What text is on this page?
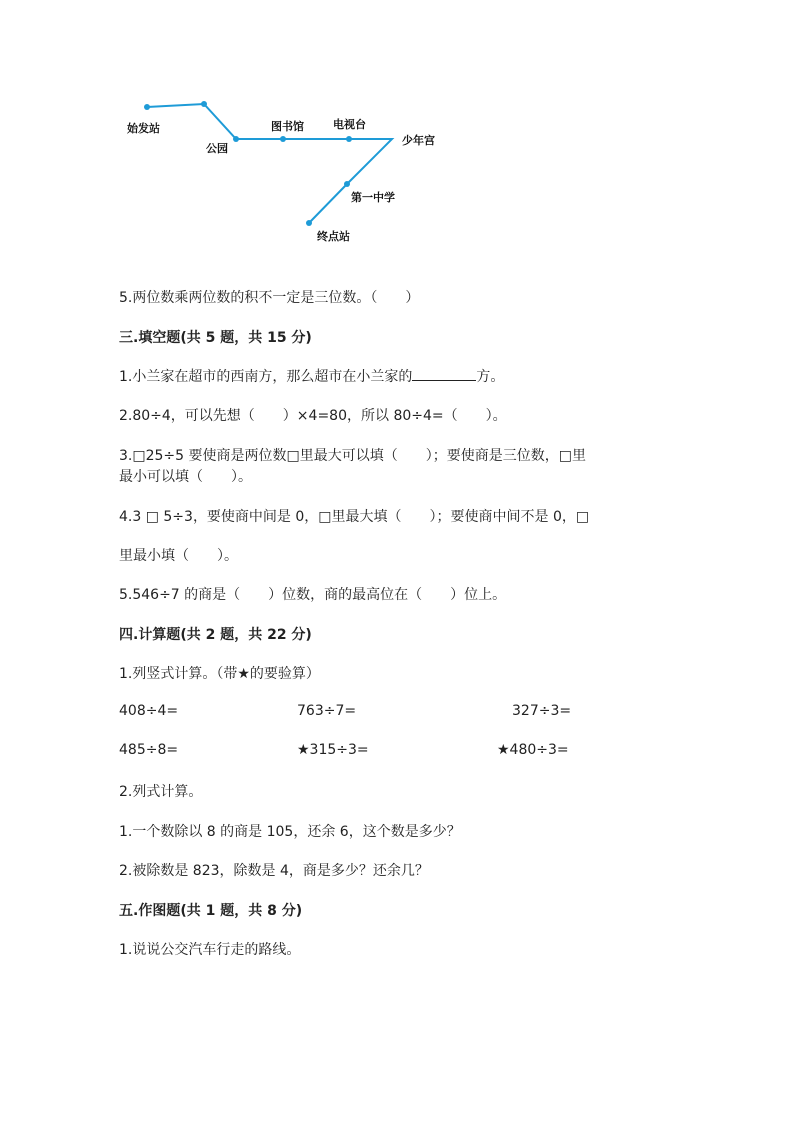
始发站
公园
图书馆	电视台
少年宫
第一中学
终点站
5.两位数乘两位数的积不一定是三位数。（　　）
三.填空题(共 5 题，共 15 分)
1.小兰家在超市的西南方，那么超市在小兰家的	方。
2.80÷4，可以先想（　　）×4=80，所以 80÷4=（　　）。
3.□25÷5 要使商是两位数□里最大可以填（　　）；要使商是三位数，□里
最小可以填（　　）。
4.3 □ 5÷3，要使商中间是 0，□里最大填（　　）；要使商中间不是 0，□
里最小填（　　）。
5.546÷7 的商是（　　）位数，商的最高位在（　　）位上。
四.计算题(共 2 题，共 22 分)
1.列竖式计算。（带★的要验算）
408÷4=	763÷7=	327÷3=
485÷8=	★315÷3=	★480÷3=
2.列式计算。
1.一个数除以 8 的商是 105，还余 6，这个数是多少？
2.被除数是 823，除数是 4，商是多少？还余几？
五.作图题(共 1 题，共 8 分)
1.说说公交汽车行走的路线。
